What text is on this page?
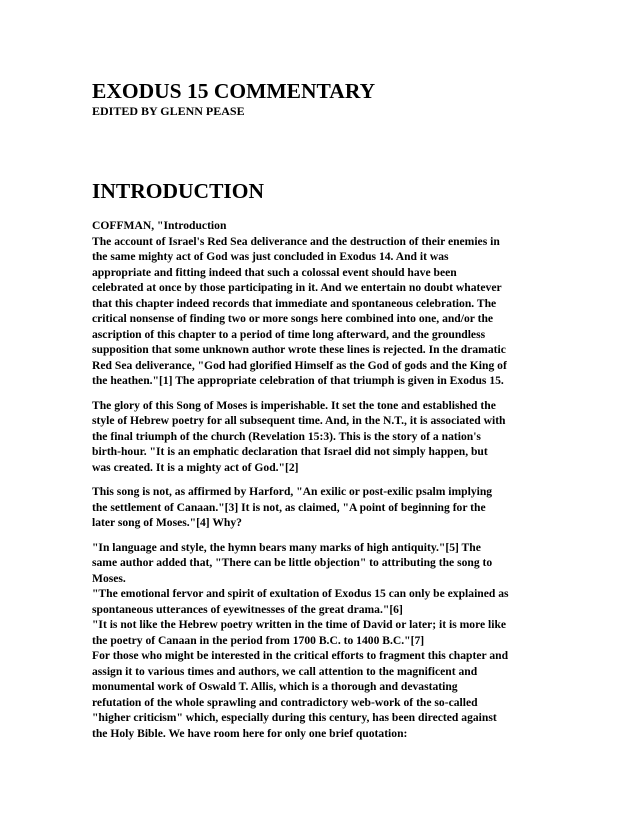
EXODUS 15 COMMENTARY
EDITED BY GLENN PEASE
INTRODUCTION
COFFMAN, "Introduction
The account of Israel's Red Sea deliverance and the destruction of their enemies in
the same mighty act of God was just concluded in Exodus 14. And it was
appropriate and fitting indeed that such a colossal event should have been
celebrated at once by those participating in it. And we entertain no doubt whatever
that this chapter indeed records that immediate and spontaneous celebration. The
critical nonsense of finding two or more songs here combined into one, and/or the
ascription of this chapter to a period of time long afterward, and the groundless
supposition that some unknown author wrote these lines is rejected. In the dramatic
Red Sea deliverance, "God had glorified Himself as the God of gods and the King of
the heathen."[1] The appropriate celebration of that triumph is given in Exodus 15.
The glory of this Song of Moses is imperishable. It set the tone and established the
style of Hebrew poetry for all subsequent time. And, in the N.T., it is associated with
the final triumph of the church (Revelation 15:3). This is the story of a nation's
birth-hour. "It is an emphatic declaration that Israel did not simply happen, but
was created. It is a mighty act of God."[2]
This song is not, as affirmed by Harford, "An exilic or post-exilic psalm implying
the settlement of Canaan."[3] It is not, as claimed, "A point of beginning for the
later song of Moses."[4] Why?
"In language and style, the hymn bears many marks of high antiquity."[5] The
same author added that, "There can be little objection" to attributing the song to
Moses.
"The emotional fervor and spirit of exultation of Exodus 15 can only be explained as
spontaneous utterances of eyewitnesses of the great drama."[6]
"It is not like the Hebrew poetry written in the time of David or later; it is more like
the poetry of Canaan in the period from 1700 B.C. to 1400 B.C."[7]
For those who might be interested in the critical efforts to fragment this chapter and
assign it to various times and authors, we call attention to the magnificent and
monumental work of Oswald T. Allis, which is a thorough and devastating
refutation of the whole sprawling and contradictory web-work of the so-called
"higher criticism" which, especially during this century, has been directed against
the Holy Bible. We have room here for only one brief quotation:
